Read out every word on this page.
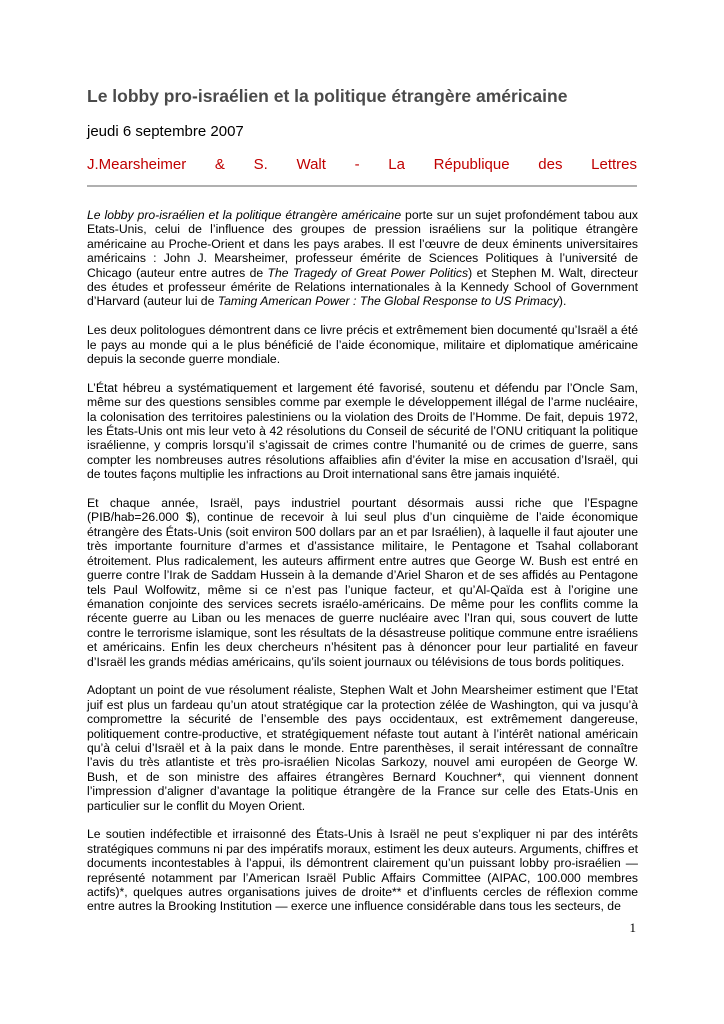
Le lobby pro-israélien et la politique étrangère américaine
jeudi 6 septembre 2007
J.Mearsheimer & S. Walt - La République des Lettres

Le lobby pro-israélien et la politique étrangère américaine porte sur un sujet profondément tabou aux Etats-Unis, celui de l’influence des groupes de pression israéliens sur la politique étrangère américaine au Proche-Orient et dans les pays arabes. Il est l’œuvre de deux éminents universitaires américains : John J. Mearsheimer, professeur émérite de Sciences Politiques à l’université de Chicago (auteur entre autres de The Tragedy of Great Power Politics) et Stephen M. Walt, directeur des études et professeur émérite de Relations internationales à la Kennedy School of Government d’Harvard (auteur lui de Taming American Power : The Global Response to US Primacy).

Les deux politologues démontrent dans ce livre précis et extrêmement bien documenté qu’Israël a été le pays au monde qui a le plus bénéficié de l’aide économique, militaire et diplomatique américaine depuis la seconde guerre mondiale.

L’État hébreu a systématiquement et largement été favorisé, soutenu et défendu par l’Oncle Sam, même sur des questions sensibles comme par exemple le développement illégal de l’arme nucléaire, la colonisation des territoires palestiniens ou la violation des Droits de l’Homme. De fait, depuis 1972, les États-Unis ont mis leur veto à 42 résolutions du Conseil de sécurité de l’ONU critiquant la politique israélienne, y compris lorsqu’il s’agissait de crimes contre l’humanité ou de crimes de guerre, sans compter les nombreuses autres résolutions affaiblies afin d’éviter la mise en accusation d’Israël, qui de toutes façons multiplie les infractions au Droit international sans être jamais inquiété.

Et chaque année, Israël, pays industriel pourtant désormais aussi riche que l’Espagne (PIB/hab=26.000 $), continue de recevoir à lui seul plus d’un cinquième de l’aide économique étrangère des États-Unis (soit environ 500 dollars par an et par Israélien), à laquelle il faut ajouter une très importante fourniture d’armes et d’assistance militaire, le Pentagone et Tsahal collaborant étroitement. Plus radicalement, les auteurs affirment entre autres que George W. Bush est entré en guerre contre l’Irak de Saddam Hussein à la demande d’Ariel Sharon et de ses affidés au Pentagone tels Paul Wolfowitz, même si ce n’est pas l’unique facteur, et qu’Al-Qaïda est à l’origine une émanation conjointe des services secrets israélo-américains. De même pour les conflits comme la récente guerre au Liban ou les menaces de guerre nucléaire avec l’Iran qui, sous couvert de lutte contre le terrorisme islamique, sont les résultats de la désastreuse politique commune entre israéliens et américains. Enfin les deux chercheurs n’hésitent pas à dénoncer pour leur partialité en faveur d’Israël les grands médias américains, qu’ils soient journaux ou télévisions de tous bords politiques.

Adoptant un point de vue résolument réaliste, Stephen Walt et John Mearsheimer estiment que l’Etat juif est plus un fardeau qu’un atout stratégique car la protection zélée de Washington, qui va jusqu’à compromettre la sécurité de l’ensemble des pays occidentaux, est extrêmement dangereuse, politiquement contre-productive, et stratégiquement néfaste tout autant à l’intérêt national américain qu’à celui d’Israël et à la paix dans le monde. Entre parenthèses, il serait intéressant de connaître l’avis du très atlantiste et très pro-israélien Nicolas Sarkozy, nouvel ami européen de George W. Bush, et de son ministre des affaires étrangères Bernard Kouchner*, qui viennent donnent l’impression d’aligner d’avantage la politique étrangère de la France sur celle des Etats-Unis en particulier sur le conflit du Moyen Orient.

Le soutien indéfectible et irraisonné des États-Unis à Israël ne peut s’expliquer ni par des intérêts stratégiques communs ni par des impératifs moraux, estiment les deux auteurs. Arguments, chiffres et documents incontestables à l’appui, ils démontrent clairement qu’un puissant lobby pro-israélien — représenté notamment par l’American Israël Public Affairs Committee (AIPAC, 100.000 membres actifs)*, quelques autres organisations juives de droite** et d’influents cercles de réflexion comme entre autres la Brooking Institution — exerce une influence considérable dans tous les secteurs, de

1
